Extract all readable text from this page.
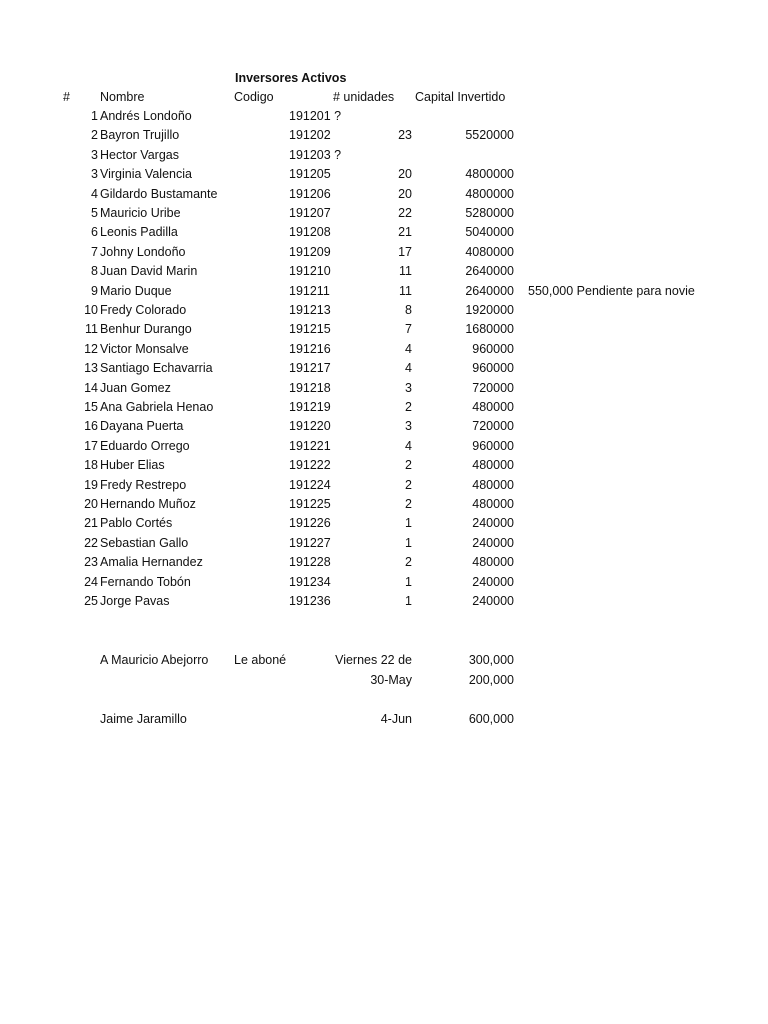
Inversores Activos
# Nombre	Codigo	# unidades Capital Invertido
1 Andrés Londoño	191201 ?
2 Bayron Trujillo	191202	23	5520000
3 Hector Vargas	191203 ?
3 Virginia Valencia	191205	20	4800000
4 Gildardo Bustamante	191206	20	4800000
5 Mauricio Uribe	191207	22	5280000
6 Leonis Padilla	191208	21	5040000
7 Johny Londoño	191209	17	4080000
8 Juan David Marin	191210	11	2640000
9 Mario Duque	191211	11	2640000 550,000 Pendiente para novie
10 Fredy Colorado	191213	8	1920000
11 Benhur Durango	191215	7	1680000
12 Victor Monsalve	191216	4	960000
13 Santiago Echavarria	191217	4	960000
14 Juan Gomez	191218	3	720000
15 Ana Gabriela Henao	191219	2	480000
16 Dayana Puerta	191220	3	720000
17 Eduardo Orrego	191221	4	960000
18 Huber Elias	191222	2	480000
19 Fredy Restrepo	191224	2	480000
20 Hernando Muñoz	191225	2	480000
21 Pablo Cortés	191226	1	240000
22 Sebastian Gallo	191227	1	240000
23 Amalia Hernandez	191228	2	480000
24 Fernando Tobón	191234	1	240000
25 Jorge Pavas	191236	1	240000
A Mauricio Abejorro Le aboné	Viernes 22 de	300,000
30-May	200,000
Jaime Jaramillo	4-Jun	600,000
